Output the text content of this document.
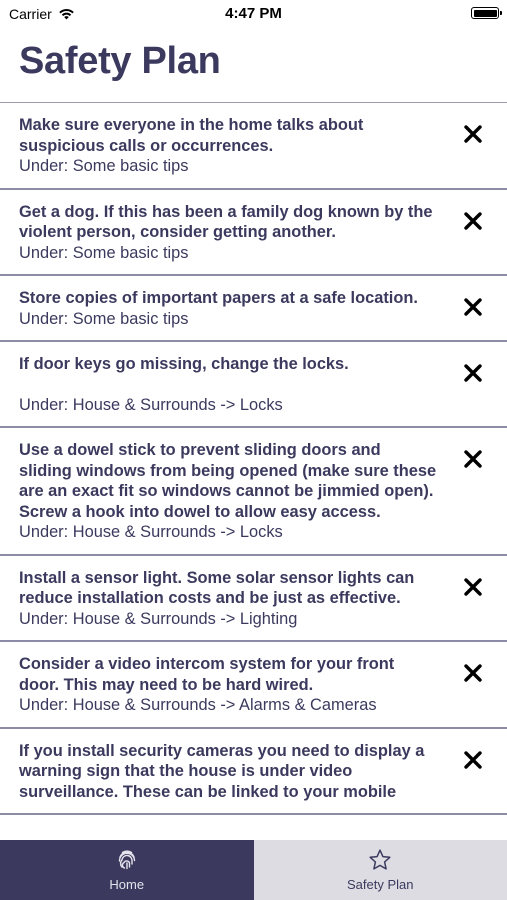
Carrier	4:47 PM
Safety Plan
Make sure everyone in the home talks about suspicious calls or occurrences.
Under: Some basic tips
Get a dog. If this has been a family dog known by the violent person, consider getting another.
Under: Some basic tips
Store copies of important papers at a safe location.
Under: Some basic tips
If door keys go missing, change the locks.
Under: House & Surrounds -> Locks
Use a dowel stick to prevent sliding doors and sliding windows from being opened (make sure these are an exact fit so windows cannot be jimmied open). Screw a hook into dowel to allow easy access.
Under: House & Surrounds -> Locks
Install a sensor light. Some solar sensor lights can reduce installation costs and be just as effective.
Under: House & Surrounds -> Lighting
Consider a video intercom system for your front door. This may need to be hard wired.
Under: House & Surrounds -> Alarms & Cameras
If you install security cameras you need to display a warning sign that the house is under video surveillance. These can be linked to your mobile
Home	Safety Plan
